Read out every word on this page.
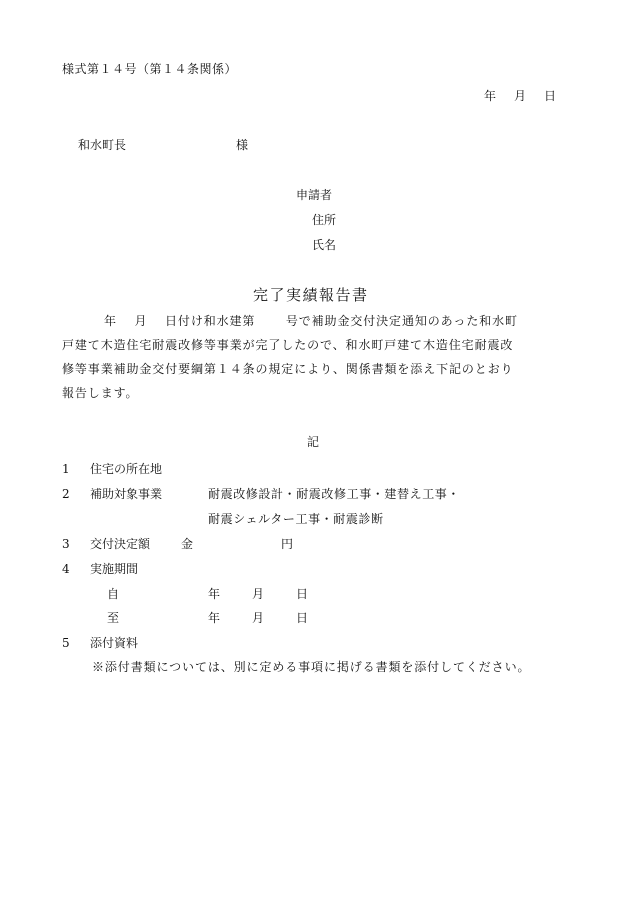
様式第１４号（第１４条関係）
年 月 日
和水町長	様
申請者
住所
氏名
完了実績報告書
年　 月　 日付け和水建第　　 号で補助金交付決定通知のあった和水町
戸建て木造住宅耐震改修等事業が完了したので、和水町戸建て木造住宅耐震改
修等事業補助金交付要綱第１４条の規定により、関係書類を添え下記のとおり
報告します。
記
1 住宅の所在地
2 補助対象事業	耐震改修設計・耐震改修工事・建替え工事・
耐震シェルター工事・耐震診断
3 交付決定額	金	円
4 実施期間
自	年	月	日
至	年	月	日
5 添付資料
※添付書類については、別に定める事項に掲げる書類を添付してください。
